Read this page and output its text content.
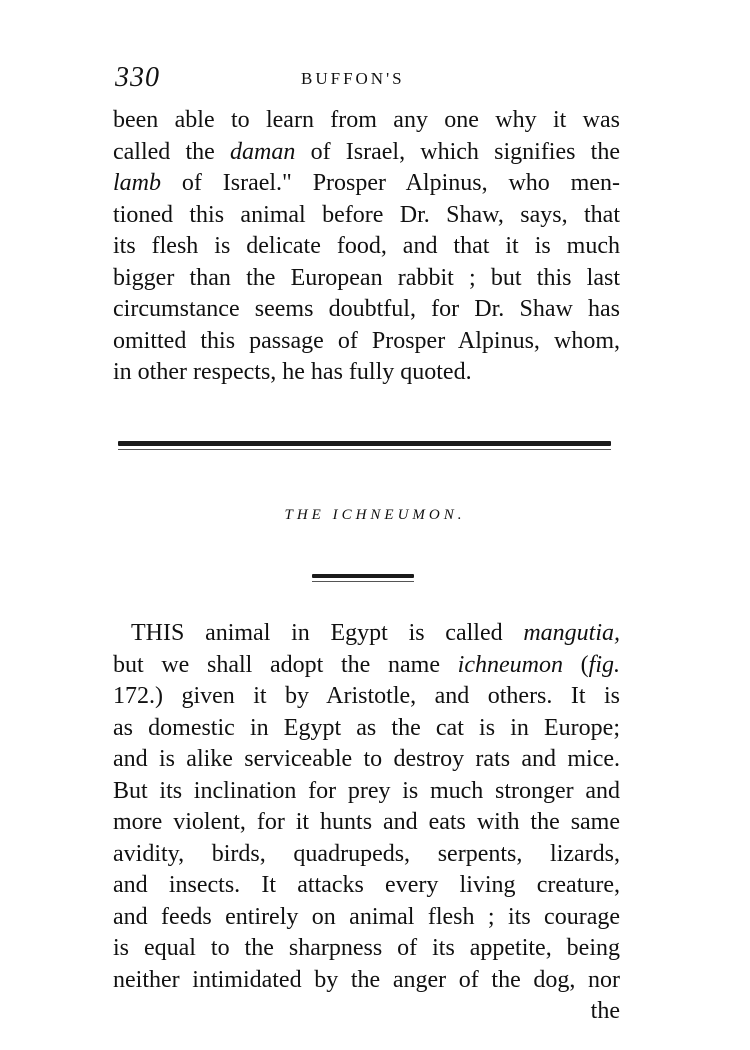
330	BUFFON'S
been able to learn from any one why it was
called the daman of Israel, which signifies the
lamb of Israel." Prosper Alpinus, who men-
tioned this animal before Dr. Shaw, says, that
its flesh is delicate food, and that it is much
bigger than the European rabbit ; but this last
circumstance seems doubtful, for Dr. Shaw has
omitted this passage of Prosper Alpinus, whom,
in other respects, he has fully quoted.
THE ICHNEUMON.
THIS animal in Egypt is called mangutia,
but we shall adopt the name ichneumon (fig.
172.) given it by Aristotle, and others. It is
as domestic in Egypt as the cat is in Europe;
and is alike serviceable to destroy rats and mice.
But its inclination for prey is much stronger and
more violent, for it hunts and eats with the same
avidity, birds, quadrupeds, serpents, lizards,
and insects. It attacks every living creature,
and feeds entirely on animal flesh ; its courage
is equal to the sharpness of its appetite, being
neither intimidated by the anger of the dog, nor
the
